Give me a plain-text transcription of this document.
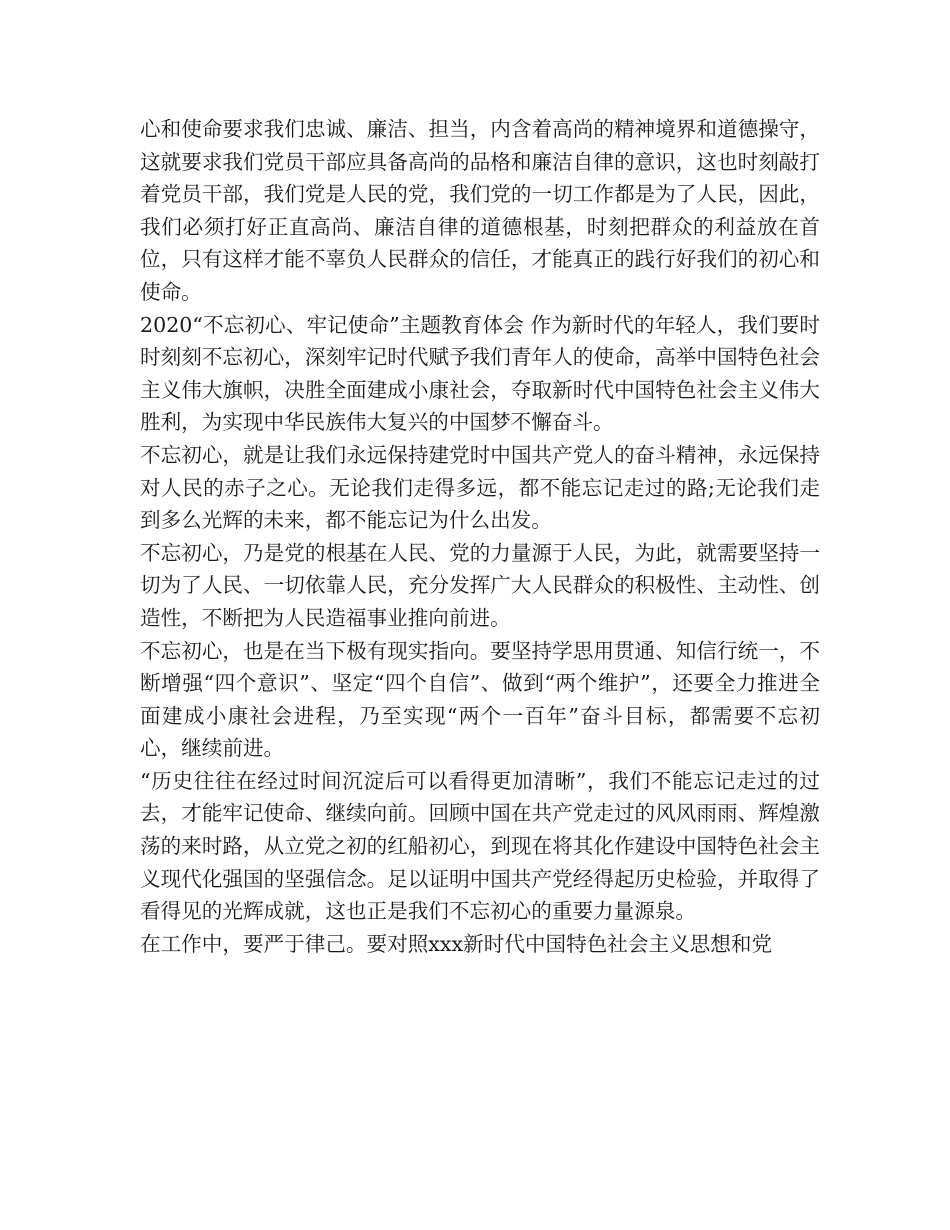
心和使命要求我们忠诚、廉洁、担当，内含着高尚的精神境界和道德操守，这就要求我们党员干部应具备高尚的品格和廉洁自律的意识，这也时刻敲打着党员干部，我们党是人民的党，我们党的一切工作都是为了人民，因此，我们必须打好正直高尚、廉洁自律的道德根基，时刻把群众的利益放在首位，只有这样才能不辜负人民群众的信任，才能真正的践行好我们的初心和使命。

2020“不忘初心、牢记使命”主题教育体会 作为新时代的年轻人，我们要时时刻刻不忘初心，深刻牢记时代赋予我们青年人的使命，高举中国特色社会主义伟大旗帜，决胜全面建成小康社会，夺取新时代中国特色社会主义伟大胜利，为实现中华民族伟大复兴的中国梦不懈奋斗。

不忘初心，就是让我们永远保持建党时中国共产党人的奋斗精神，永远保持对人民的赤子之心。无论我们走得多远，都不能忘记走过的路;无论我们走到多么光辉的未来，都不能忘记为什么出发。

不忘初心，乃是党的根基在人民、党的力量源于人民，为此，就需要坚持一切为了人民、一切依靠人民，充分发挥广大人民群众的积极性、主动性、创造性，不断把为人民造福事业推向前进。

不忘初心，也是在当下极有现实指向。要坚持学思用贯通、知信行统一，不断增强“四个意识”、坚定“四个自信”、做到“两个维护”，还要全力推进全面建成小康社会进程，乃至实现“两个一百年”奋斗目标，都需要不忘初心，继续前进。

“历史往往在经过时间沉淀后可以看得更加清晰”，我们不能忘记走过的过去，才能牢记使命、继续向前。回顾中国在共产党走过的风风雨雨、辉煌激荡的来时路，从立党之初的红船初心，到现在将其化作建设中国特色社会主义现代化强国的坚强信念。足以证明中国共产党经得起历史检验，并取得了看得见的光辉成就，这也正是我们不忘初心的重要力量源泉。

在工作中，要严于律己。要对照xxx新时代中国特色社会主义思想和党
